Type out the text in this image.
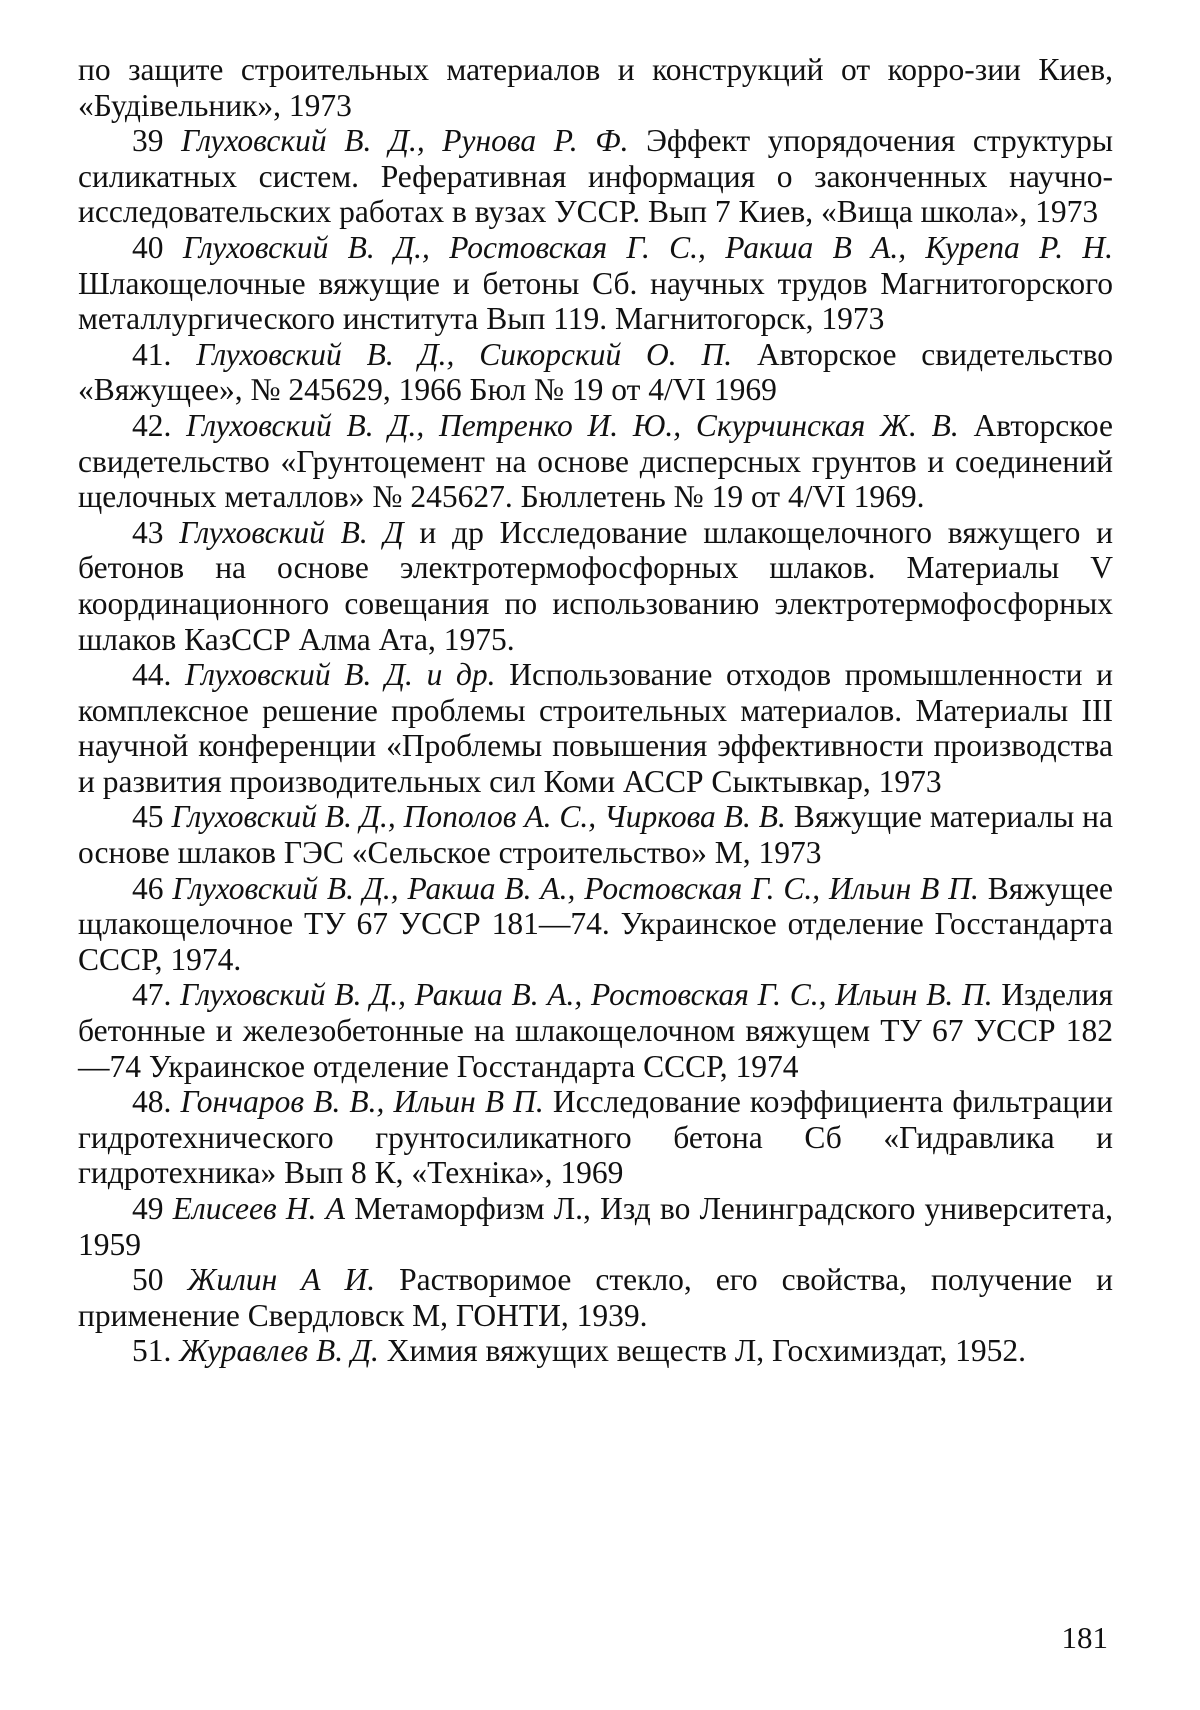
по защите строительных материалов и конструкций от корро-зии Киев, «Будівельник», 1973

39 Глуховский В. Д., Рунова Р. Ф. Эффект упорядочения структуры силикатных систем. Реферативная информация о законченных научно-исследовательских работах в вузах УССР. Вып 7 Киев, «Вища школа», 1973

40 Глуховский В. Д., Ростовская Г. С., Ракша В А., Курепа Р. Н. Шлакощелочные вяжущие и бетоны Сб. научных трудов Магнитогорского металлургического института Вып 119. Магнитогорск, 1973

41. Глуховский В. Д., Сикорский О. П. Авторское свидетельство «Вяжущее», № 245629, 1966 Бюл № 19 от 4/VI 1969

42. Глуховский В. Д., Петренко И. Ю., Скурчинская Ж. В. Авторское свидетельство «Грунтоцемент на основе дисперсных грунтов и соединений щелочных металлов» № 245627. Бюллетень № 19 от 4/VI 1969.

43 Глуховский В. Д и др Исследование шлакощелочного вяжущего и бетонов на основе электротермофосфорных шлаков. Материалы V координационного совещания по использованию электротермофосфорных шлаков КазССР Алма Ата, 1975.

44. Глуховский В. Д. и др. Использование отходов промышленности и комплексное решение проблемы строительных материалов. Материалы III научной конференции «Проблемы повышения эффективности производства и развития производительных сил Коми АССР Сыктывкар, 1973

45 Глуховский В. Д., Пополов А. С., Чиркова В. В. Вяжущие материалы на основе шлаков ГЭС «Сельское строительство» М, 1973

46 Глуховский В. Д., Ракша В. А., Ростовская Г. С., Ильин В П. Вяжущее щлакощелочное ТУ 67 УССР 181—74. Украинское отделение Госстандарта СССР, 1974.

47. Глуховский В. Д., Ракша В. А., Ростовская Г. С., Ильин В. П. Изделия бетонные и железобетонные на шлакощелочном вяжущем ТУ 67 УССР 182—74 Украинское отделение Госстандарта СССР, 1974

48. Гончаров В. В., Ильин В П. Исследование коэффициента фильтрации гидротехнического грунтосиликатного бетона Сб «Гидравлика и гидротехника» Вып 8 К, «Техніка», 1969

49 Елисеев Н. А Метаморфизм Л., Изд во Ленинградского университета, 1959

50 Жилин А И. Растворимое стекло, его свойства, получение и применение Свердловск М, ГОНТИ, 1939.

51. Журавлев В. Д. Химия вяжущих веществ Л, Госхимиздат, 1952.

181
